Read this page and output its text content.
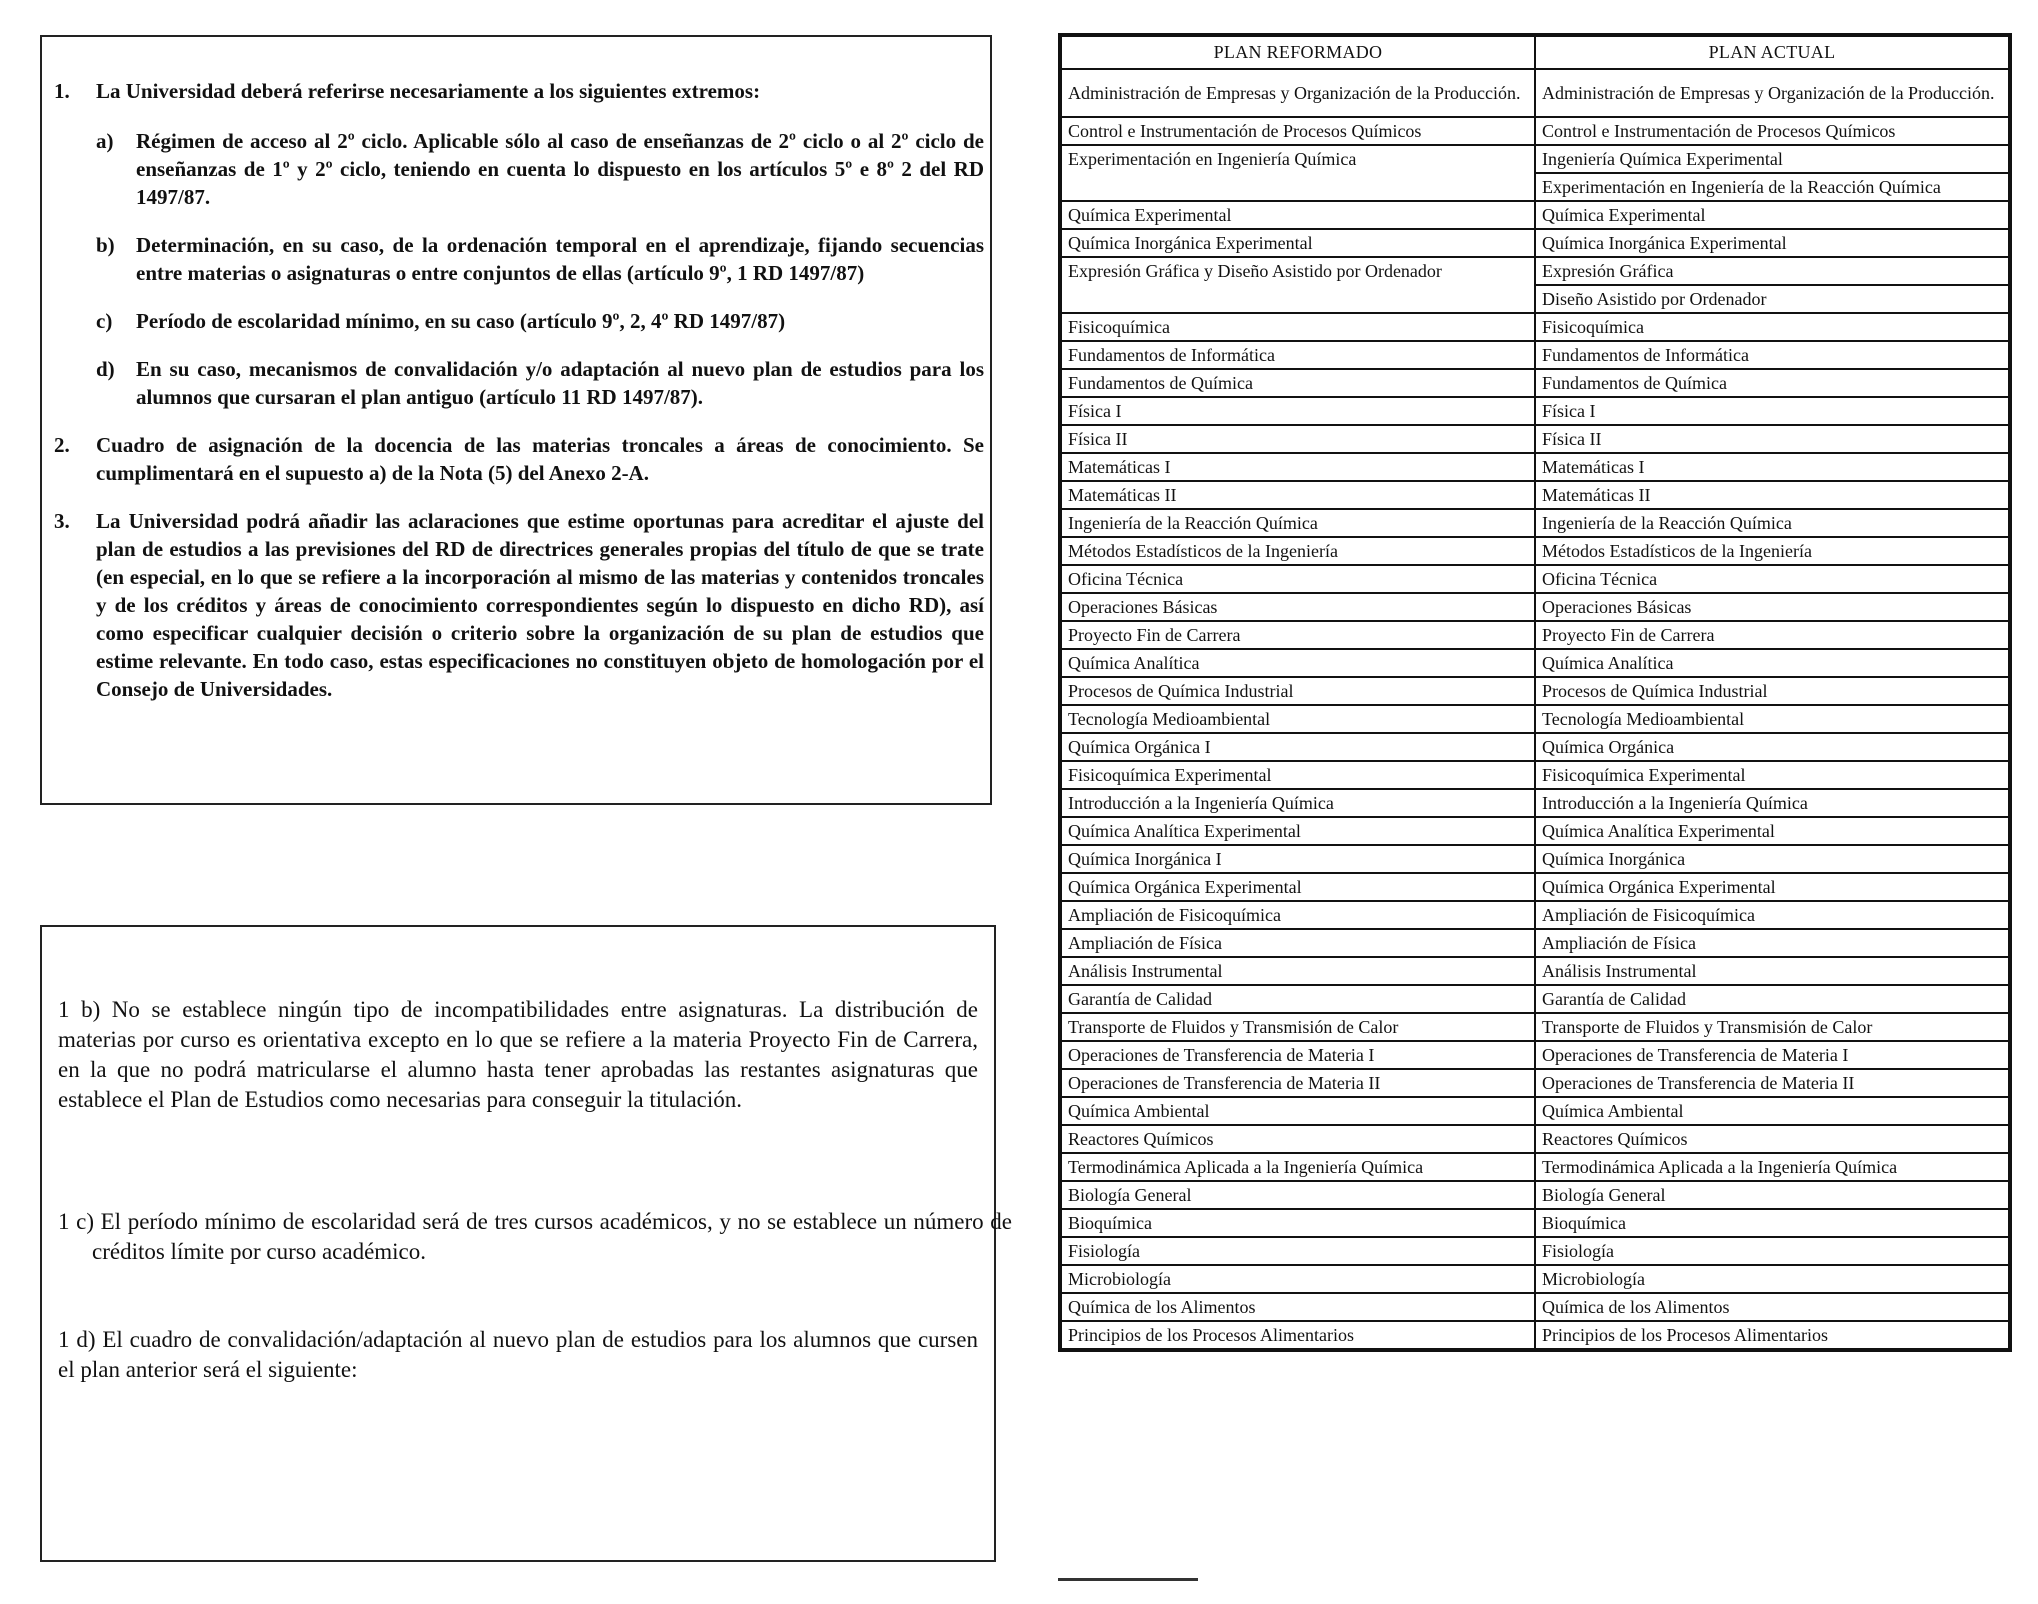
1. La Universidad deberá referirse necesariamente a los siguientes extremos:
a) Régimen de acceso al 2º ciclo. Aplicable sólo al caso de enseñanzas de 2º ciclo o al 2º ciclo de enseñanzas de 1º y 2º ciclo, teniendo en cuenta lo dispuesto en los artículos 5º e 8º 2 del RD 1497/87.
b) Determinación, en su caso, de la ordenación temporal en el aprendizaje, fijando secuencias entre materias o asignaturas o entre conjuntos de ellas (artículo 9º, 1 RD 1497/87)
c) Período de escolaridad mínimo, en su caso (artículo 9º, 2, 4º RD 1497/87)
d) En su caso, mecanismos de convalidación y/o adaptación al nuevo plan de estudios para los alumnos que cursaran el plan antiguo (artículo 11 RD 1497/87).
2. Cuadro de asignación de la docencia de las materias troncales a áreas de conocimiento. Se cumplimentará en el supuesto a) de la Nota (5) del Anexo 2-A.
3. La Universidad podrá añadir las aclaraciones que estime oportunas para acreditar el ajuste del plan de estudios a las previsiones del RD de directrices generales propias del título de que se trate (en especial, en lo que se refiere a la incorporación al mismo de las materias y contenidos troncales y de los créditos y áreas de conocimiento correspondientes según lo dispuesto en dicho RD), así como especificar cualquier decisión o criterio sobre la organización de su plan de estudios que estime relevante. En todo caso, estas especificaciones no constituyen objeto de homologación por el Consejo de Universidades.
1 b) No se establece ningún tipo de incompatibilidades entre asignaturas. La distribución de materias por curso es orientativa excepto en lo que se refiere a la materia Proyecto Fin de Carrera, en la que no podrá matricularse el alumno hasta tener aprobadas las restantes asignaturas que establece el Plan de Estudios como necesarias para conseguir la titulación.
1 c) El período mínimo de escolaridad será de tres cursos académicos, y no se establece un número de créditos límite por curso académico.
1 d) El cuadro de convalidación/adaptación al nuevo plan de estudios para los alumnos que cursen el plan anterior será el siguiente:
PLAN REFORMADO	PLAN ACTUAL
Administración de Empresas y Organización de la Producción.	Administración de Empresas y Organización de la Producción.
Control e Instrumentación de Procesos Químicos	Control e Instrumentación de Procesos Químicos
Experimentación en Ingeniería Química	Ingeniería Química Experimental
	Experimentación en Ingeniería de la Reacción Química
Química Experimental	Química Experimental
Química Inorgánica Experimental	Química Inorgánica Experimental
Expresión Gráfica y Diseño Asistido por Ordenador	Expresión Gráfica
	Diseño Asistido por Ordenador
Fisicoquímica	Fisicoquímica
Fundamentos de Informática	Fundamentos de Informática
Fundamentos de Química	Fundamentos de Química
Física I	Física I
Física II	Física II
Matemáticas I	Matemáticas I
Matemáticas II	Matemáticas II
Ingeniería de la Reacción Química	Ingeniería de la Reacción Química
Métodos Estadísticos de la Ingeniería	Métodos Estadísticos de la Ingeniería
Oficina Técnica	Oficina Técnica
Operaciones Básicas	Operaciones Básicas
Proyecto Fin de Carrera	Proyecto Fin de Carrera
Química Analítica	Química Analítica
Procesos de Química Industrial	Procesos de Química Industrial
Tecnología Medioambiental	Tecnología Medioambiental
Química Orgánica I	Química Orgánica
Fisicoquímica Experimental	Fisicoquímica Experimental
Introducción a la Ingeniería Química	Introducción a la Ingeniería Química
Química Analítica Experimental	Química Analítica Experimental
Química Inorgánica I	Química Inorgánica
Química Orgánica Experimental	Química Orgánica Experimental
Ampliación de Fisicoquímica	Ampliación de Fisicoquímica
Ampliación de Física	Ampliación de Física
Análisis Instrumental	Análisis Instrumental
Garantía de Calidad	Garantía de Calidad
Transporte de Fluidos y Transmisión de Calor	Transporte de Fluidos y Transmisión de Calor
Operaciones de Transferencia de Materia I	Operaciones de Transferencia de Materia I
Operaciones de Transferencia de Materia II	Operaciones de Transferencia de Materia II
Química Ambiental	Química Ambiental
Reactores Químicos	Reactores Químicos
Termodinámica Aplicada a la Ingeniería Química	Termodinámica Aplicada a la Ingeniería Química
Biología General	Biología General
Bioquímica	Bioquímica
Fisiología	Fisiología
Microbiología	Microbiología
Química de los Alimentos	Química de los Alimentos
Principios de los Procesos Alimentarios	Principios de los Procesos Alimentarios
